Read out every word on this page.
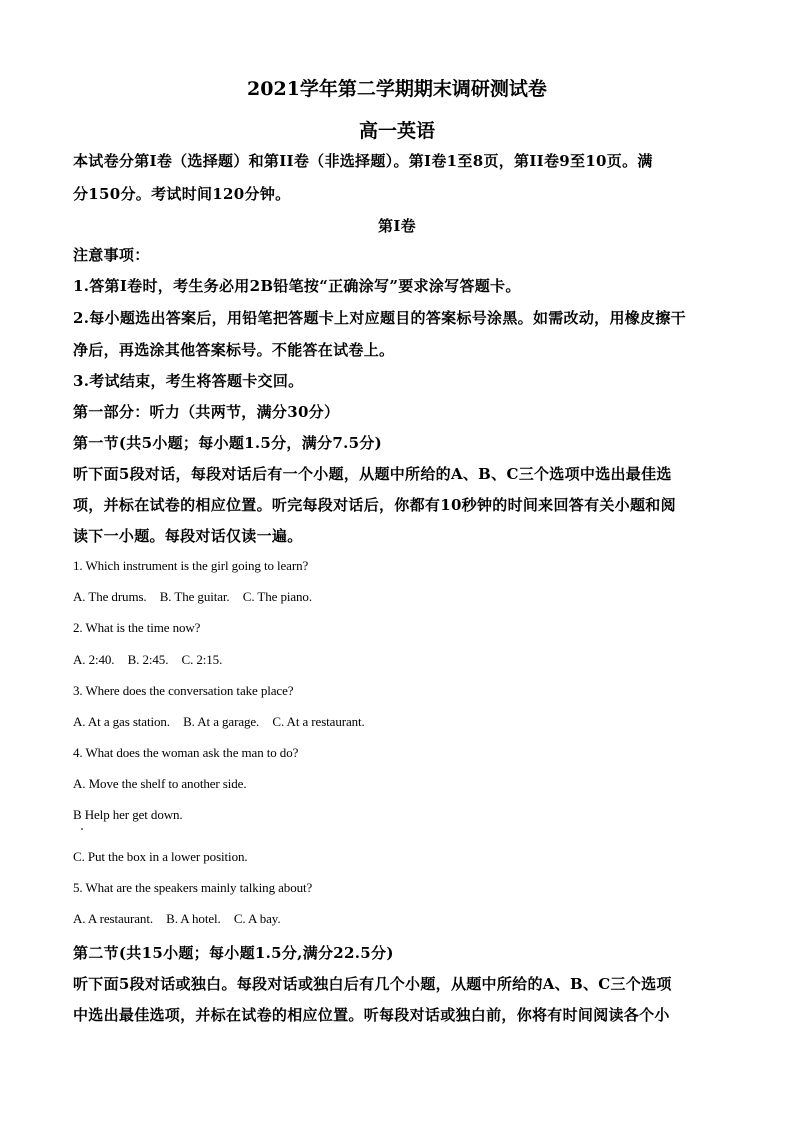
2021学年第二学期期末调研测试卷
高一英语
本试卷分第I卷（选择题）和第II卷（非选择题）。第I卷1至8页，第II卷9至10页。满
分150分。考试时间120分钟。
第I卷
注意事项：
1.答第I卷时，考生务必用2B铅笔按“正确涂写”要求涂写答题卡。
2.每小题选出答案后，用铅笔把答题卡上对应题目的答案标号涂黑。如需改动，用橡皮擦干
净后，再选涂其他答案标号。不能答在试卷上。
3.考试结束，考生将答题卡交回。
第一部分：听力（共两节，满分30分）
第一节(共5小题；每小题1.5分，满分7.5分)
听下面5段对话，每段对话后有一个小题，从题中所给的A、B、C三个选项中选出最佳选
项，并标在试卷的相应位置。听完每段对话后，你都有10秒钟的时间来回答有关小题和阅
读下一小题。每段对话仅读一遍。
1. Which instrument is the girl going to learn?
A. The drums. B. The guitar. C. The piano.
2. What is the time now?
A. 2:40. B. 2:45. C. 2:15.
3. Where does the conversation take place?
A. At a gas station. B. At a garage. C. At a restaurant.
4. What does the woman ask the man to do?
A. Move the shelf to another side.
B Help her get down.
C. Put the box in a lower position.
5. What are the speakers mainly talking about?
A. A restaurant. B. A hotel. C. A bay.
第二节(共15小题；每小题1.5分,满分22.5分)
听下面5段对话或独白。每段对话或独白后有几个小题，从题中所给的A、B、C三个选项
中选出最佳选项，并标在试卷的相应位置。听每段对话或独白前，你将有时间阅读各个小
